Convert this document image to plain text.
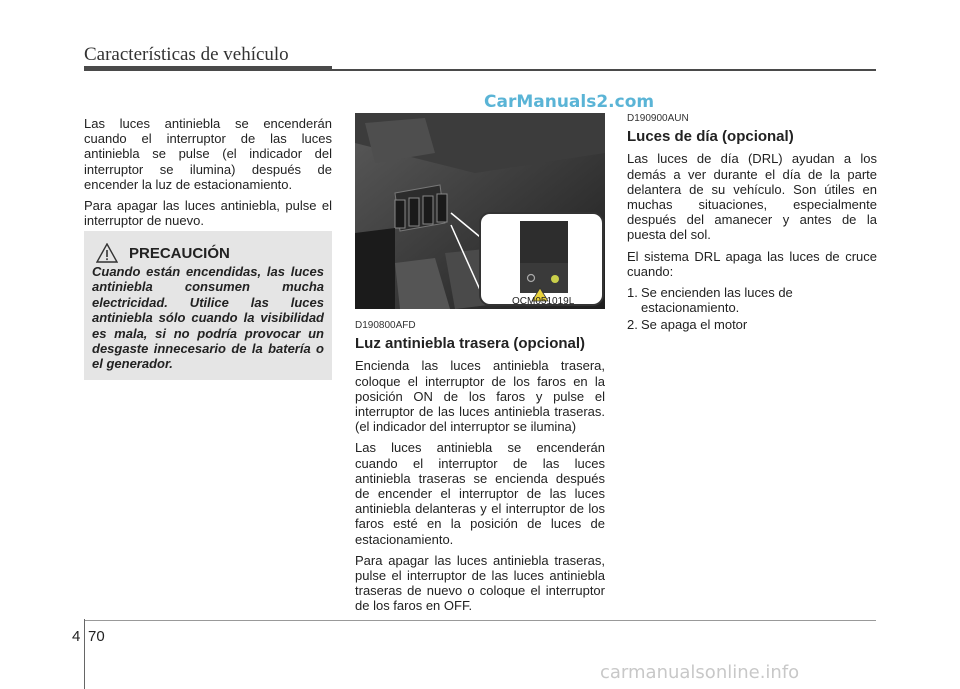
Características de vehículo
CarManuals2.com

Las luces antiniebla se encenderán cuando el interruptor de las luces antiniebla se pulse (el indicador del interruptor se ilumina) después de encender la luz de estacionamiento.

Para apagar las luces antiniebla, pulse el interruptor de nuevo.

PRECAUCIÓN
Cuando están encendidas, las luces antiniebla consumen mucha electricidad. Utilice las luces antiniebla sólo cuando la visibilidad es mala, si no podría provocar un desgaste innecesario de la batería o el generador.
OCM051019L
D190800AFD
Luz antiniebla trasera (opcional)

Encienda las luces antiniebla trasera, coloque el interruptor de los faros en la posición ON de los faros y pulse el interruptor de las luces antiniebla traseras. (el indicador del interruptor se ilumina)

Las luces antiniebla se encenderán cuando el interruptor de las luces antiniebla traseras se encienda después de encender el interruptor de las luces antiniebla delanteras y el interruptor de los faros esté en la posición de luces de estacionamiento.

Para apagar las luces antiniebla traseras, pulse el interruptor de las luces antiniebla traseras de nuevo o coloque el interruptor de los faros en OFF.

D190900AUN
Luces de día (opcional)

Las luces de día (DRL) ayudan a los demás a ver durante el día de la parte delantera de su vehículo. Son útiles en muchas situaciones, especialmente después del amanecer y antes de la puesta del sol.

El sistema DRL apaga las luces de cruce cuando:

1. Se encienden las luces de estacionamiento.
2. Se apaga el motor
4 70
carmanualsonline.info
